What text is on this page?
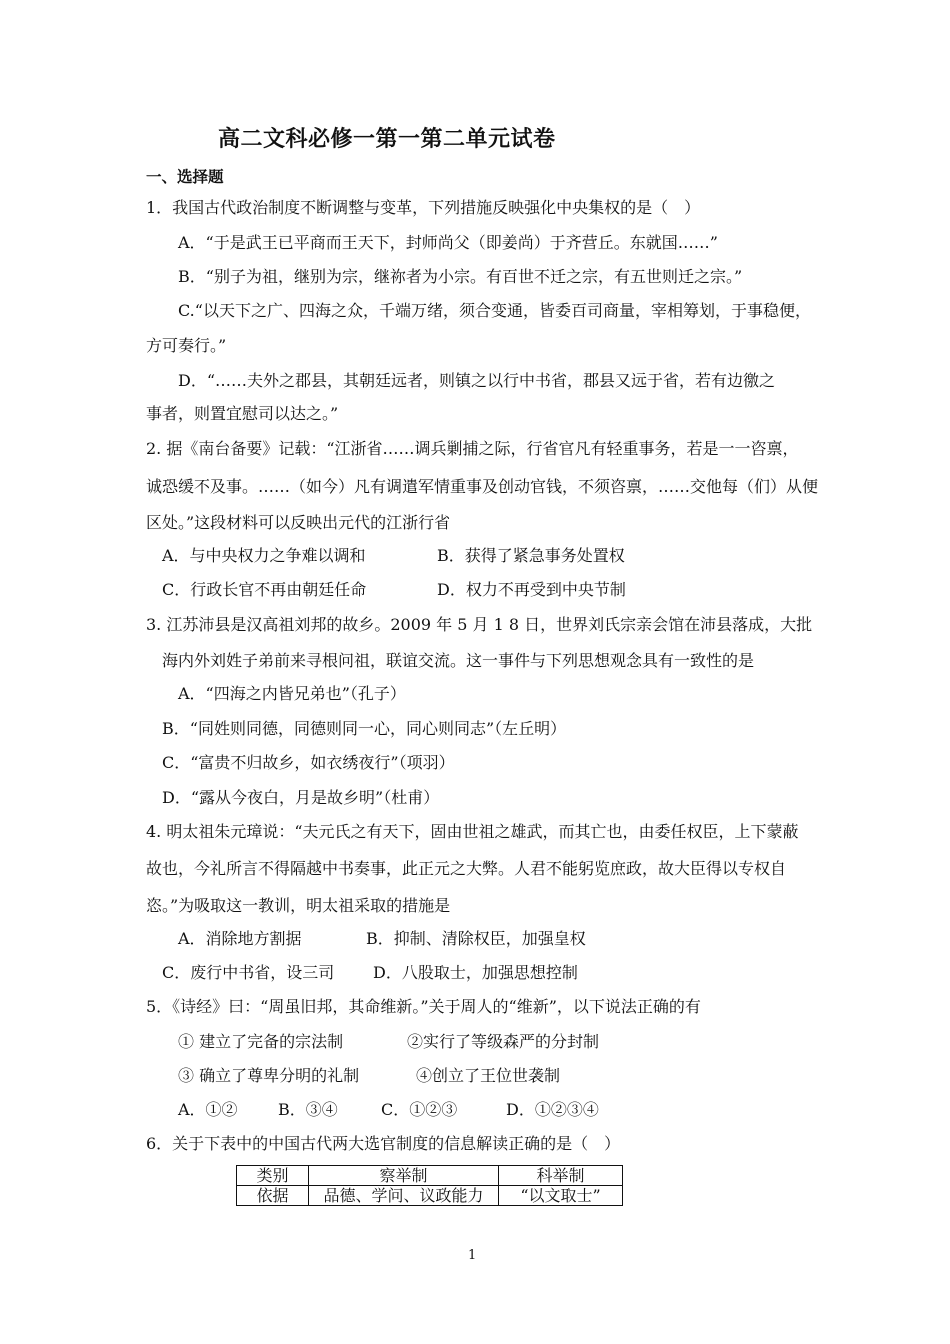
高二文科必修一第一第二单元试卷
一、选择题
1．我国古代政治制度不断调整与变革，下列措施反映强化中央集权的是（　）
A．“于是武王已平商而王天下，封师尚父（即姜尚）于齐营丘。东就国……”
B．“别子为祖，继别为宗，继祢者为小宗。有百世不迁之宗，有五世则迁之宗。”
C.“以天下之广、四海之众，千端万绪，须合变通，皆委百司商量，宰相筹划，于事稳便，
方可奏行。”
D．“……夫外之郡县，其朝廷远者，则镇之以行中书省，郡县又远于省，若有边徼之
事者，则置宜慰司以达之。”
2. 据《南台备要》记载：“江浙省……调兵剿捕之际，行省官凡有轻重事务，若是一一咨禀，
诚恐缓不及事。……（如今）凡有调遣军情重事及创动官钱，不须咨禀，……交他每（们）从便
区处。”这段材料可以反映出元代的江浙行省
A．与中央权力之争难以调和	B．获得了紧急事务处置权
C．行政长官不再由朝廷任命	D．权力不再受到中央节制
3. 江苏沛县是汉高祖刘邦的故乡。2009 年 5 月 1 8 日，世界刘氏宗亲会馆在沛县落成，大批
海内外刘姓子弟前来寻根问祖，联谊交流。这一事件与下列思想观念具有一致性的是
A．“四海之内皆兄弟也”（孔子）
B．“同姓则同德，同德则同一心，同心则同志”（左丘明）
C．“富贵不归故乡，如衣绣夜行”（项羽）
D．“露从今夜白，月是故乡明”（杜甫）
4. 明太祖朱元璋说：“夫元氏之有天下，固由世祖之雄武，而其亡也，由委任权臣，上下蒙蔽
故也，今礼所言不得隔越中书奏事，此正元之大弊。人君不能躬览庶政，故大臣得以专权自
恣。”为吸取这一教训，明太祖采取的措施是
A．消除地方割据	B．抑制、清除权臣，加强皇权
C．废行中书省，设三司 D．八股取士，加强思想控制
5．《诗经》曰：“周虽旧邦，其命维新。”关于周人的“维新”，以下说法正确的有
① 建立了完备的宗法制	②实行了等级森严的分封制
③ 确立了尊卑分明的礼制	④创立了王位世袭制
A．①②	B．③④	C．①②③	D．①②③④
6．关于下表中的中国古代两大选官制度的信息解读正确的是（　）
类别	察举制	科举制
依据	品德、学问、议政能力	“以文取士”
1
